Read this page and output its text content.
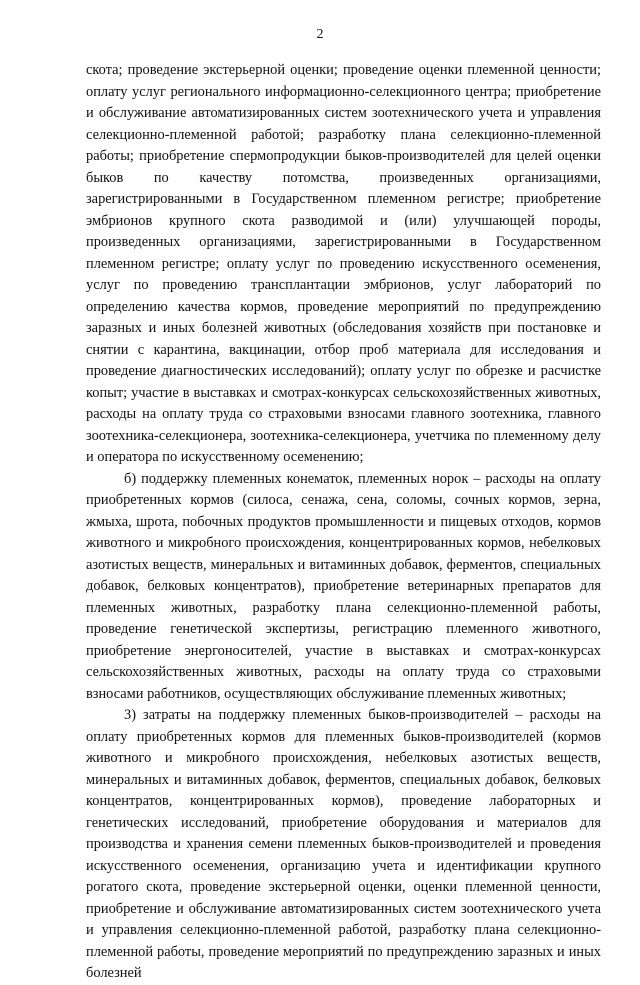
2

скота; проведение экстерьерной оценки; проведение оценки племенной ценности; оплату услуг регионального информационно-селекционного центра; приобретение и обслуживание автоматизированных систем зоотехнического учета и управления селекционно-племенной работой; разработку плана селекционно-племенной работы; приобретение спермопродукции быков-производителей для целей оценки быков по качеству потомства, произведенных организациями, зарегистрированными в Государственном племенном регистре; приобретение эмбрионов крупного скота разводимой и (или) улучшающей породы, произведенных организациями, зарегистрированными в Государственном племенном регистре; оплату услуг по проведению искусственного осеменения, услуг по проведению трансплантации эмбрионов, услуг лабораторий по определению качества кормов, проведение мероприятий по предупреждению заразных и иных болезней животных (обследования хозяйств при постановке и снятии с карантина, вакцинации, отбор проб материала для исследования и проведение диагностических исследований); оплату услуг по обрезке и расчистке копыт; участие в выставках и смотрах-конкурсах сельскохозяйственных животных, расходы на оплату труда со страховыми взносами главного зоотехника, главного зоотехника-селекционера, зоотехника-селекционера, учетчика по племенному делу и оператора по искусственному осеменению;

б) поддержку племенных конематок, племенных норок – расходы на оплату приобретенных кормов (силоса, сенажа, сена, соломы, сочных кормов, зерна, жмыха, шрота, побочных продуктов промышленности и пищевых отходов, кормов животного и микробного происхождения, концентрированных кормов, небелковых азотистых веществ, минеральных и витаминных добавок, ферментов, специальных добавок, белковых концентратов), приобретение ветеринарных препаратов для племенных животных, разработку плана селекционно-племенной работы, проведение генетической экспертизы, регистрацию племенного животного, приобретение энергоносителей, участие в выставках и смотрах-конкурсах сельскохозяйственных животных, расходы на оплату труда со страховыми взносами работников, осуществляющих обслуживание племенных животных;

3) затраты на поддержку племенных быков-производителей – расходы на оплату приобретенных кормов для племенных быков-производителей (кормов животного и микробного происхождения, небелковых азотистых веществ, минеральных и витаминных добавок, ферментов, специальных добавок, белковых концентратов, концентрированных кормов), проведение лабораторных и генетических исследований, приобретение оборудования и материалов для производства и хранения семени племенных быков-производителей и проведения искусственного осеменения, организацию учета и идентификации крупного рогатого скота, проведение экстерьерной оценки, оценки племенной ценности, приобретение и обслуживание автоматизированных систем зоотехнического учета и управления селекционно-племенной работой, разработку плана селекционно-племенной работы, проведение мероприятий по предупреждению заразных и иных болезней
